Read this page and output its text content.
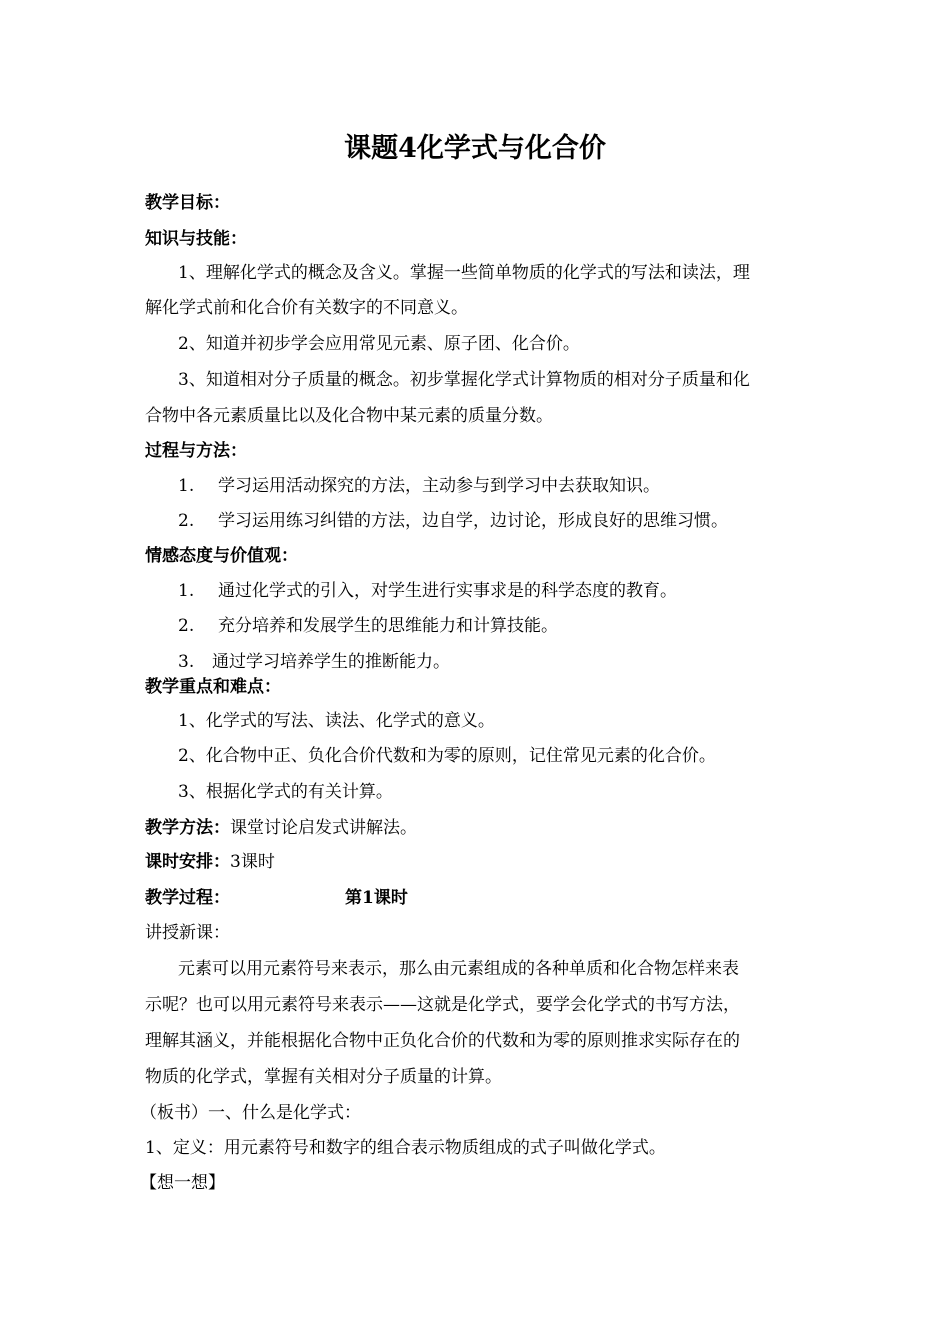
课题4化学式与化合价
教学目标：
知识与技能：
1、理解化学式的概念及含义。掌握一些简单物质的化学式的写法和读法，理
解化学式前和化合价有关数字的不同意义。
2、知道并初步学会应用常见元素、原子团、化合价。
3、知道相对分子质量的概念。初步掌握化学式计算物质的相对分子质量和化
合物中各元素质量比以及化合物中某元素的质量分数。
过程与方法：
1. 学习运用活动探究的方法，主动参与到学习中去获取知识。
2. 学习运用练习纠错的方法，边自学，边讨论，形成良好的思维习惯。
情感态度与价值观：
1. 通过化学式的引入，对学生进行实事求是的科学态度的教育。
2. 充分培养和发展学生的思维能力和计算技能。
3. 通过学习培养学生的推断能力。
教学重点和难点：
1、化学式的写法、读法、化学式的意义。
2、化合物中正、负化合价代数和为零的原则，记住常见元素的化合价。
3、根据化学式的有关计算。
教学方法：课堂讨论启发式讲解法。
课时安排：3课时
教学过程：	第1课时
讲授新课：
元素可以用元素符号来表示，那么由元素组成的各种单质和化合物怎样来表
示呢？也可以用元素符号来表示——这就是化学式，要学会化学式的书写方法，
理解其涵义，并能根据化合物中正负化合价的代数和为零的原则推求实际存在的
物质的化学式，掌握有关相对分子质量的计算。
（板书）一、什么是化学式：
1、定义：用元素符号和数字的组合表示物质组成的式子叫做化学式。
【想一想】
